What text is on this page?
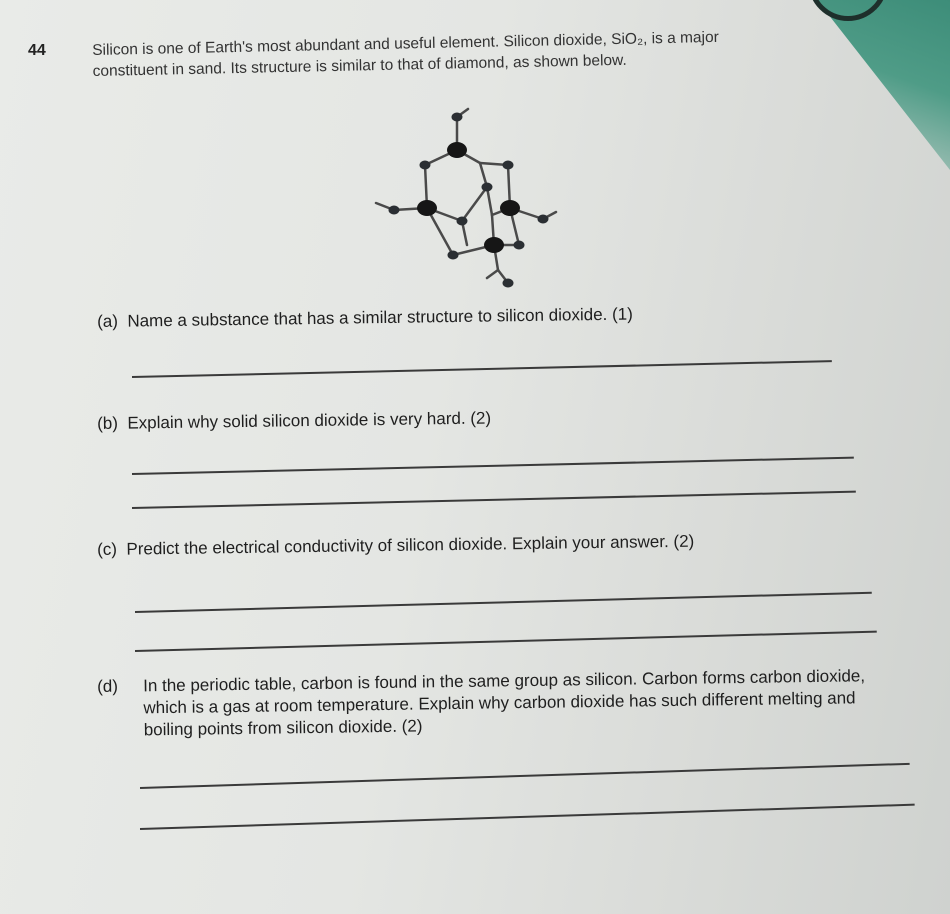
44	Silicon is one of Earth's most abundant and useful element. Silicon dioxide, SiO₂, is a major constituent in sand. Its structure is similar to that of diamond, as shown below.
(a) Name a substance that has a similar structure to silicon dioxide. (1)
(b) Explain why solid silicon dioxide is very hard. (2)
(c) Predict the electrical conductivity of silicon dioxide. Explain your answer. (2)
(d)	In the periodic table, carbon is found in the same group as silicon. Carbon forms carbon dioxide, which is a gas at room temperature. Explain why carbon dioxide has such different melting and boiling points from silicon dioxide. (2)
